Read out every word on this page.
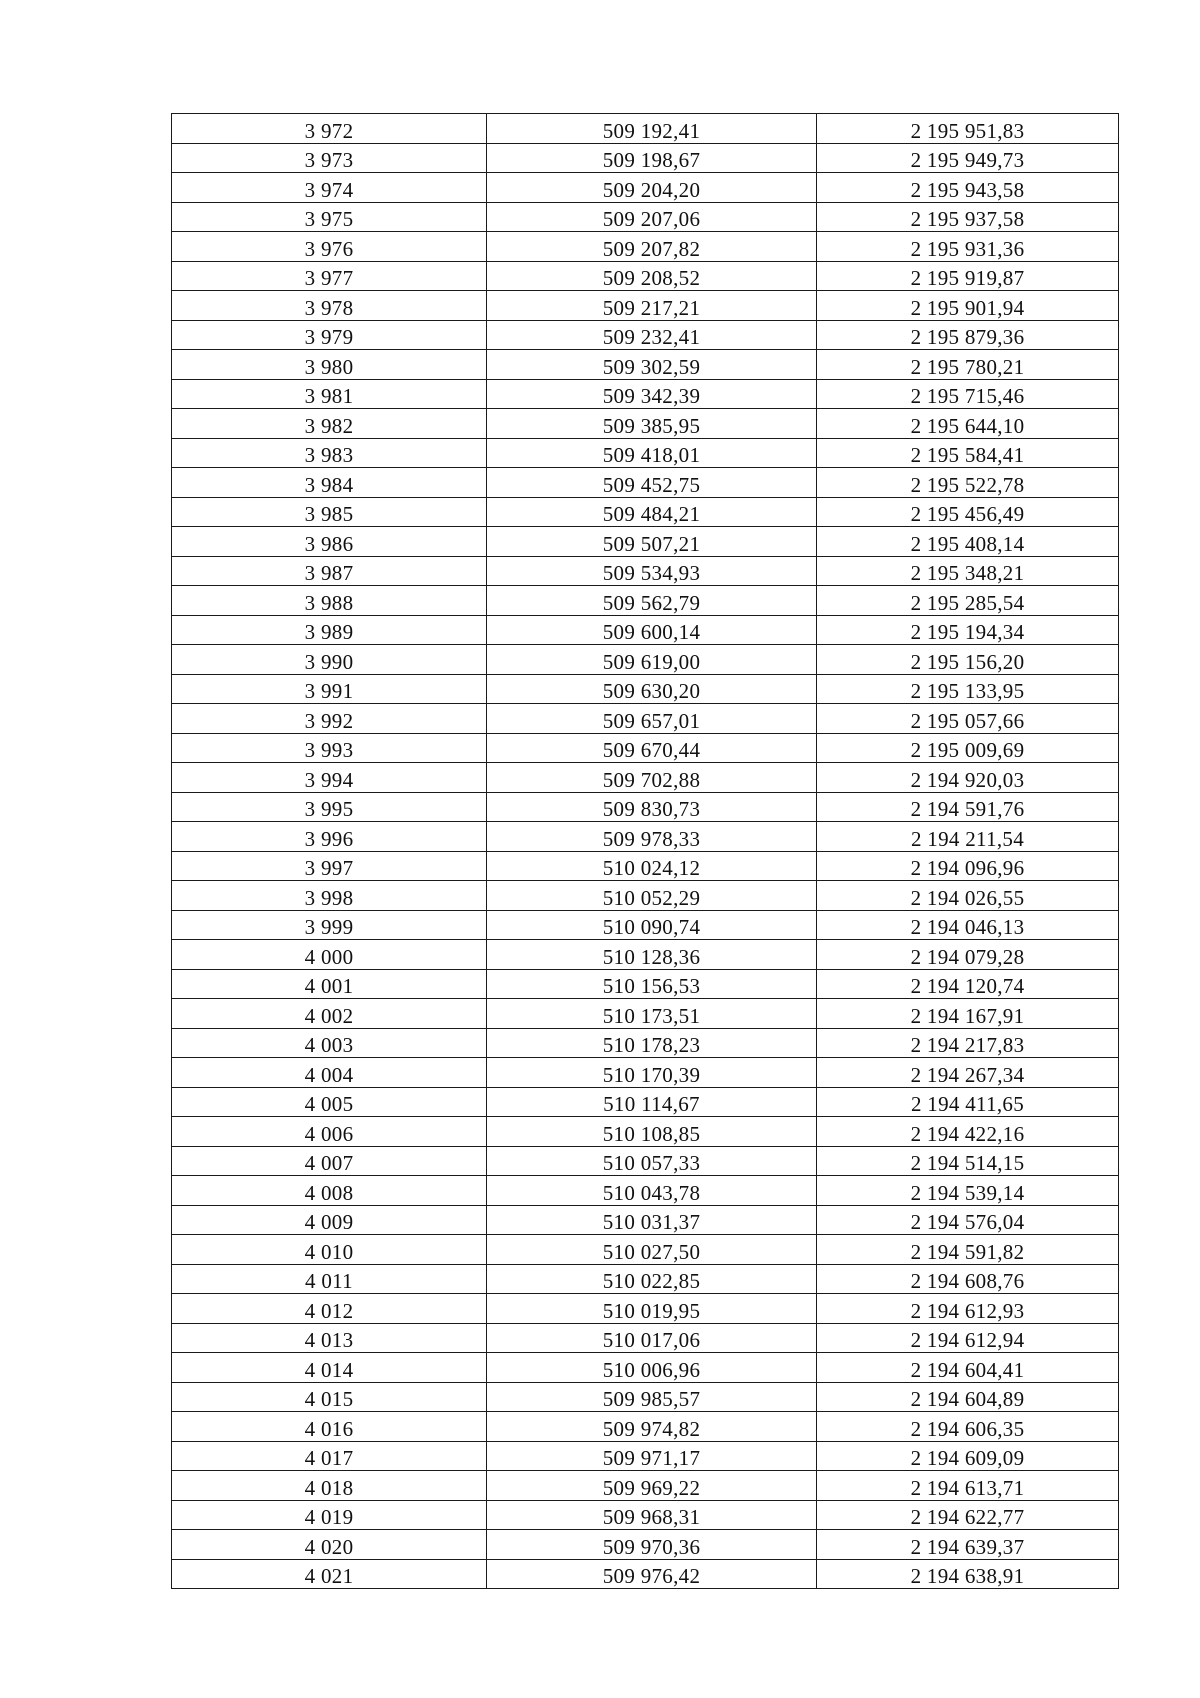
3 972	509 192,41	2 195 951,83
3 973	509 198,67	2 195 949,73
3 974	509 204,20	2 195 943,58
3 975	509 207,06	2 195 937,58
3 976	509 207,82	2 195 931,36
3 977	509 208,52	2 195 919,87
3 978	509 217,21	2 195 901,94
3 979	509 232,41	2 195 879,36
3 980	509 302,59	2 195 780,21
3 981	509 342,39	2 195 715,46
3 982	509 385,95	2 195 644,10
3 983	509 418,01	2 195 584,41
3 984	509 452,75	2 195 522,78
3 985	509 484,21	2 195 456,49
3 986	509 507,21	2 195 408,14
3 987	509 534,93	2 195 348,21
3 988	509 562,79	2 195 285,54
3 989	509 600,14	2 195 194,34
3 990	509 619,00	2 195 156,20
3 991	509 630,20	2 195 133,95
3 992	509 657,01	2 195 057,66
3 993	509 670,44	2 195 009,69
3 994	509 702,88	2 194 920,03
3 995	509 830,73	2 194 591,76
3 996	509 978,33	2 194 211,54
3 997	510 024,12	2 194 096,96
3 998	510 052,29	2 194 026,55
3 999	510 090,74	2 194 046,13
4 000	510 128,36	2 194 079,28
4 001	510 156,53	2 194 120,74
4 002	510 173,51	2 194 167,91
4 003	510 178,23	2 194 217,83
4 004	510 170,39	2 194 267,34
4 005	510 114,67	2 194 411,65
4 006	510 108,85	2 194 422,16
4 007	510 057,33	2 194 514,15
4 008	510 043,78	2 194 539,14
4 009	510 031,37	2 194 576,04
4 010	510 027,50	2 194 591,82
4 011	510 022,85	2 194 608,76
4 012	510 019,95	2 194 612,93
4 013	510 017,06	2 194 612,94
4 014	510 006,96	2 194 604,41
4 015	509 985,57	2 194 604,89
4 016	509 974,82	2 194 606,35
4 017	509 971,17	2 194 609,09
4 018	509 969,22	2 194 613,71
4 019	509 968,31	2 194 622,77
4 020	509 970,36	2 194 639,37
4 021	509 976,42	2 194 638,91
